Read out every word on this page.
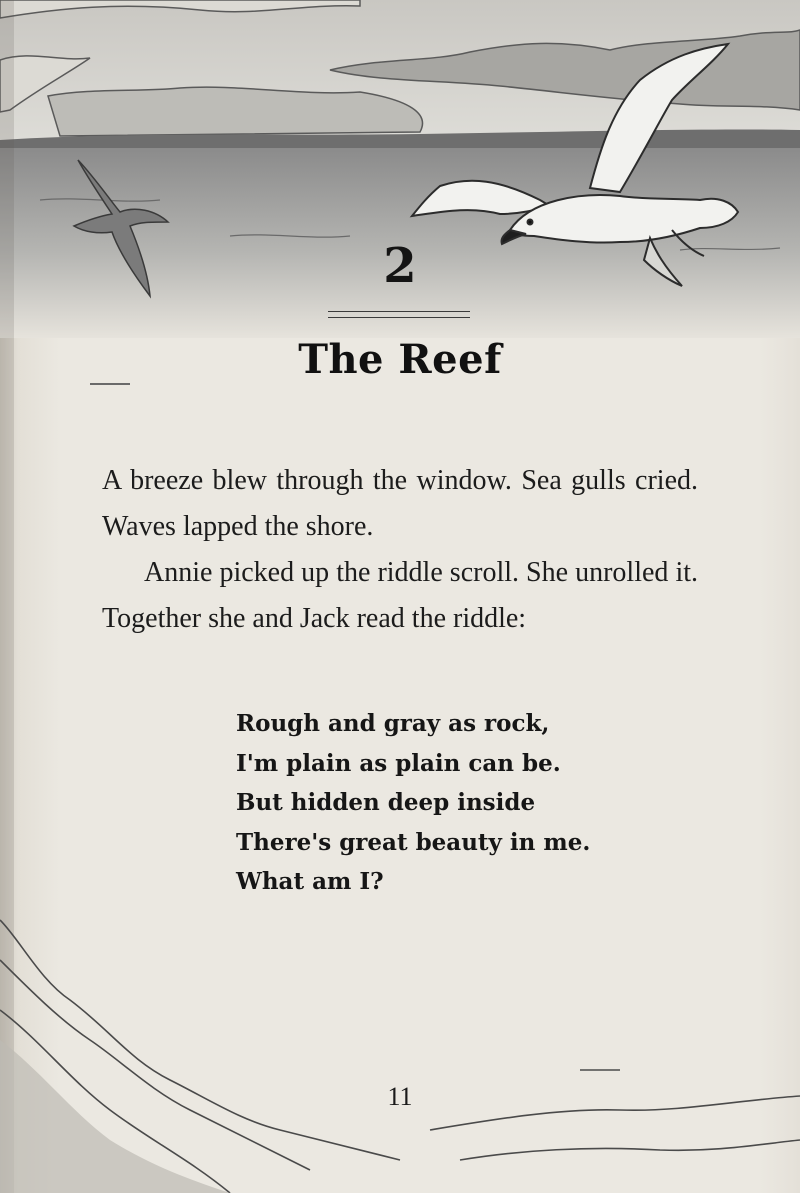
2
The Reef

A breeze blew through the window. Sea gulls cried. Waves lapped the shore.

Annie picked up the riddle scroll. She unrolled it. Together she and Jack read the riddle:

Rough and gray as rock,
I'm plain as plain can be.
But hidden deep inside
There's great beauty in me.
What am I?
11
